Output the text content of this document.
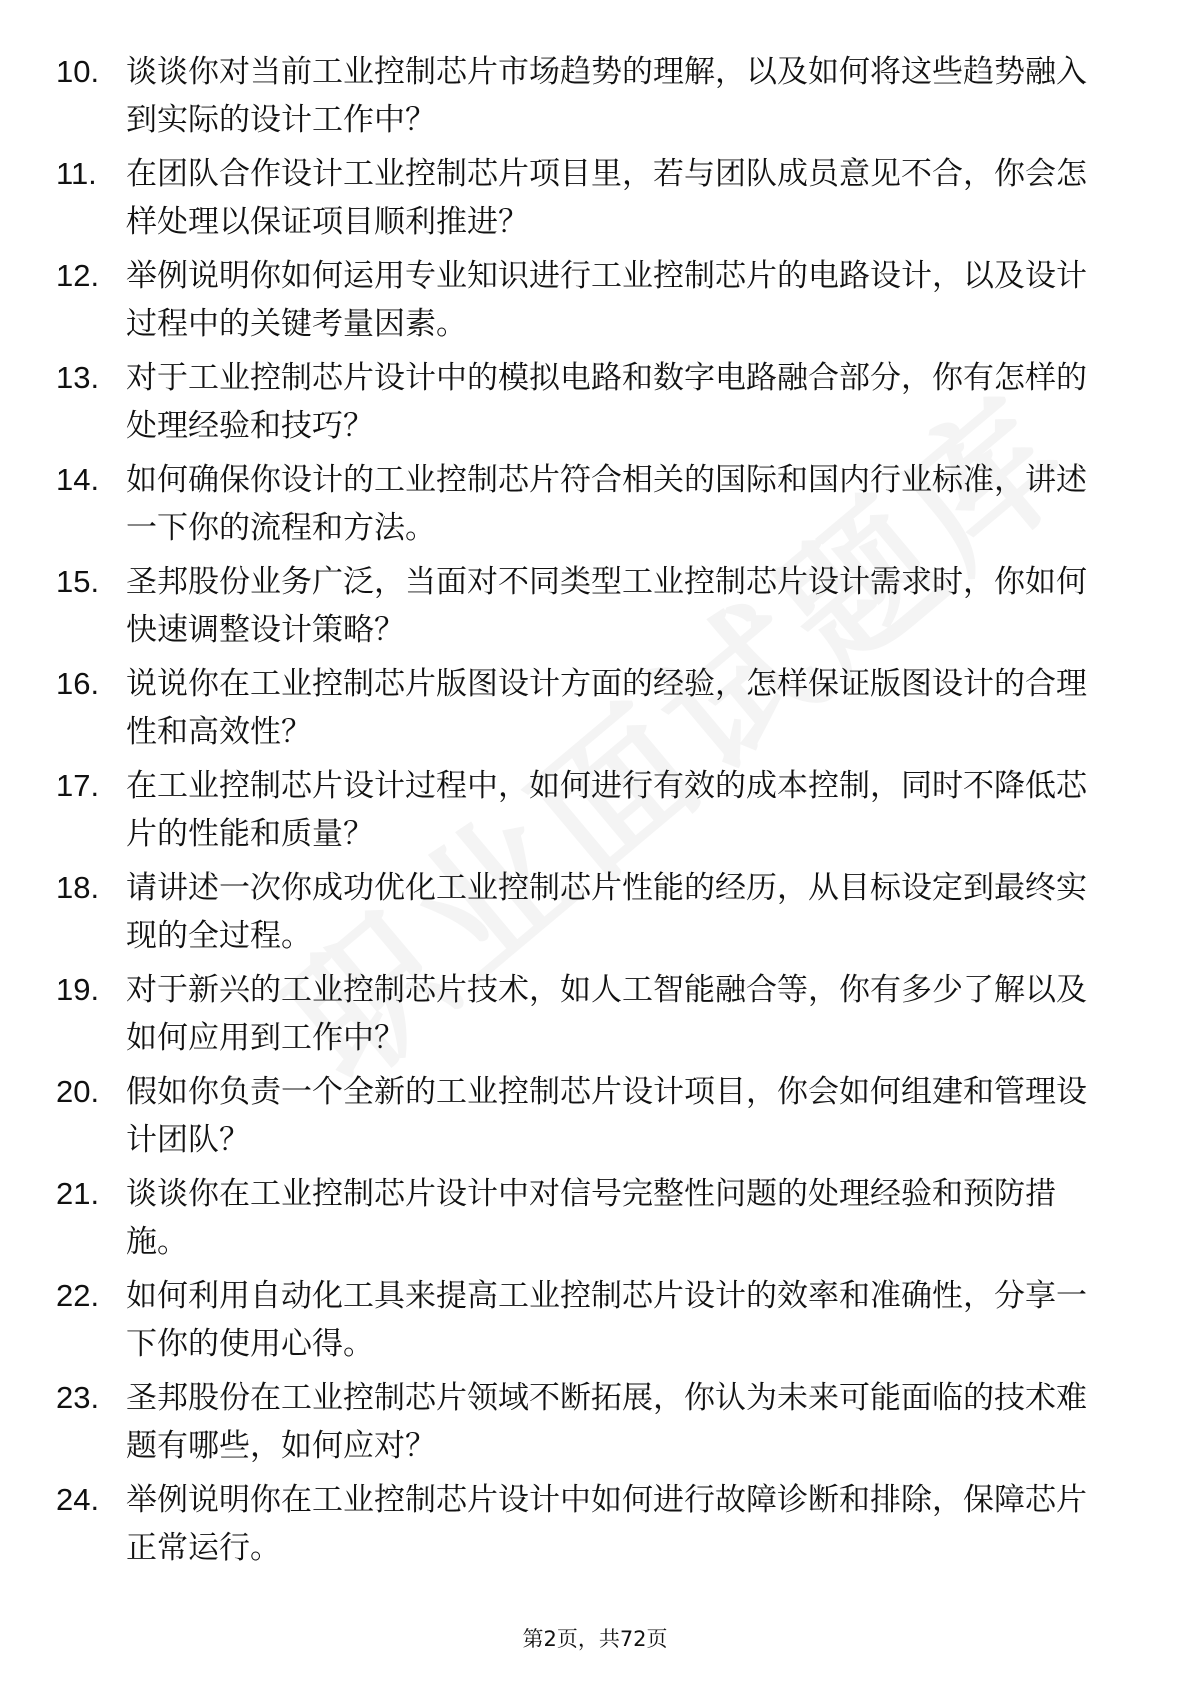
10. 谈谈你对当前工业控制芯片市场趋势的理解，以及如何将这些趋势融入到实际的设计工作中？
11. 在团队合作设计工业控制芯片项目里，若与团队成员意见不合，你会怎样处理以保证项目顺利推进？
12. 举例说明你如何运用专业知识进行工业控制芯片的电路设计，以及设计过程中的关键考量因素。
13. 对于工业控制芯片设计中的模拟电路和数字电路融合部分，你有怎样的处理经验和技巧？
14. 如何确保你设计的工业控制芯片符合相关的国际和国内行业标准，讲述一下你的流程和方法。
15. 圣邦股份业务广泛，当面对不同类型工业控制芯片设计需求时，你如何快速调整设计策略？
16. 说说你在工业控制芯片版图设计方面的经验，怎样保证版图设计的合理性和高效性？
17. 在工业控制芯片设计过程中，如何进行有效的成本控制，同时不降低芯片的性能和质量？
18. 请讲述一次你成功优化工业控制芯片性能的经历，从目标设定到最终实现的全过程。
19. 对于新兴的工业控制芯片技术，如人工智能融合等，你有多少了解以及如何应用到工作中？
20. 假如你负责一个全新的工业控制芯片设计项目，你会如何组建和管理设计团队？
21. 谈谈你在工业控制芯片设计中对信号完整性问题的处理经验和预防措施。
22. 如何利用自动化工具来提高工业控制芯片设计的效率和准确性，分享一下你的使用心得。
23. 圣邦股份在工业控制芯片领域不断拓展，你认为未来可能面临的技术难题有哪些，如何应对？
24. 举例说明你在工业控制芯片设计中如何进行故障诊断和排除，保障芯片正常运行。
第2页，共72页
